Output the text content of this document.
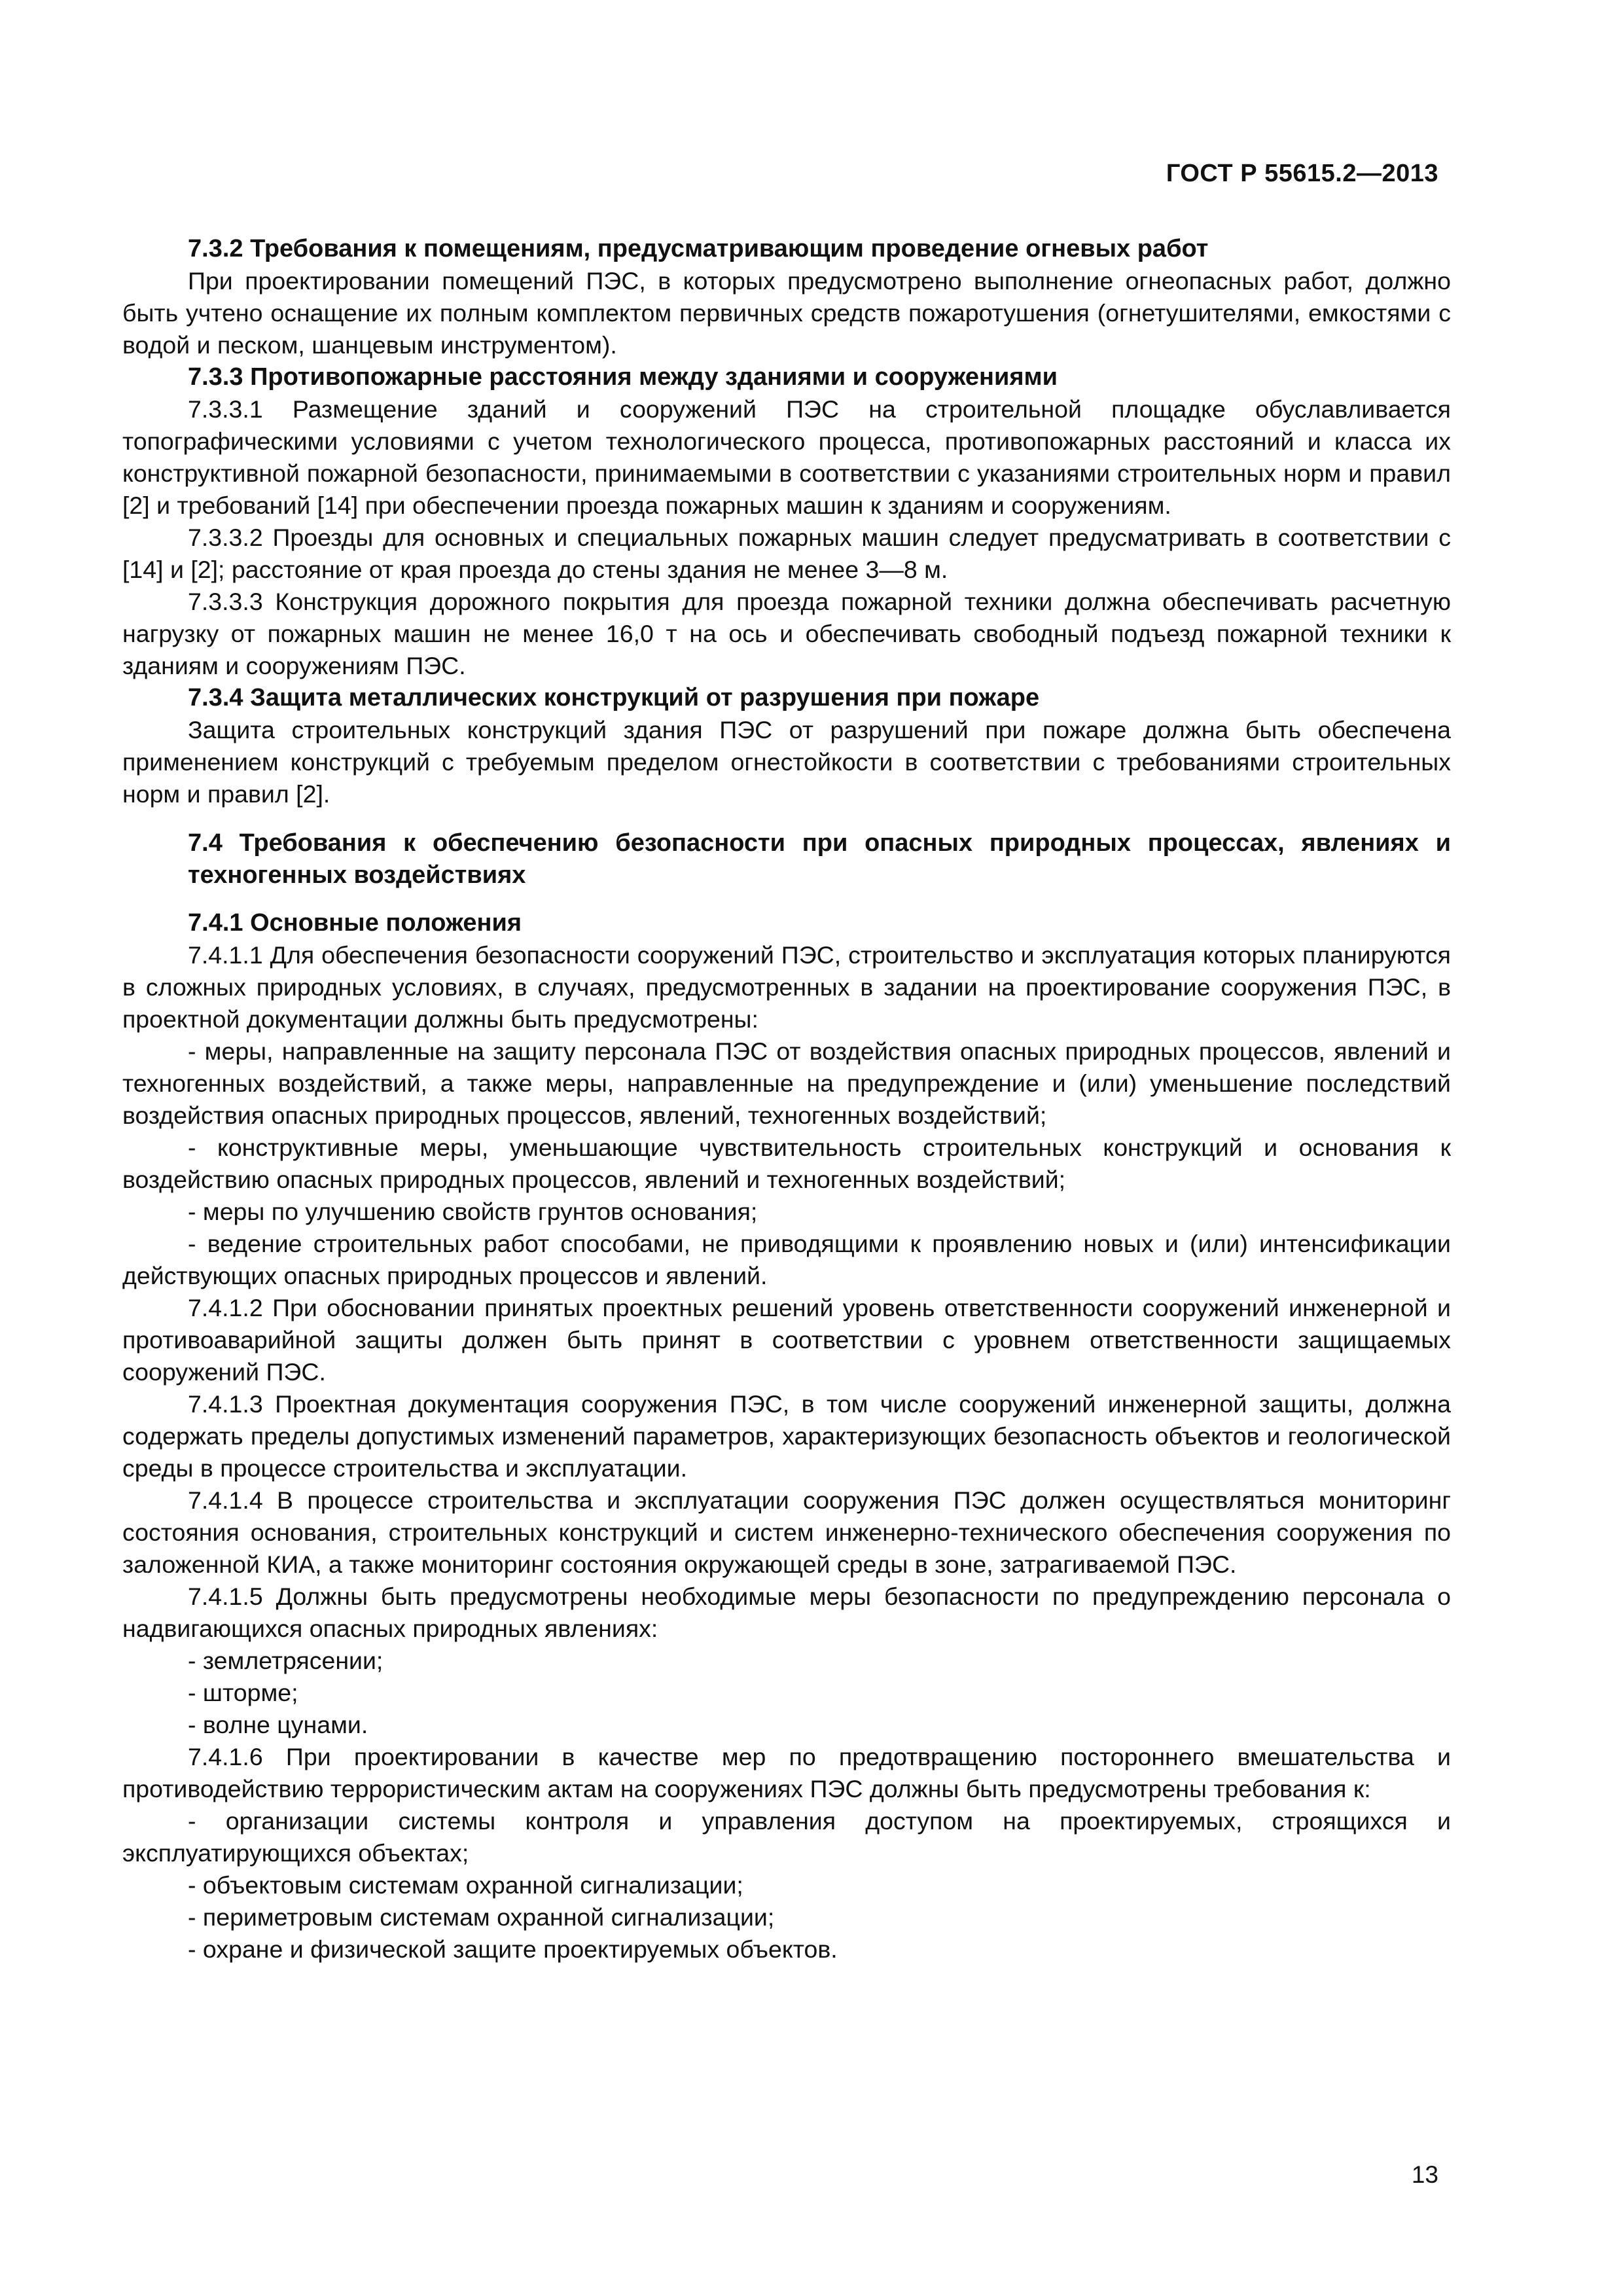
ГОСТ Р 55615.2—2013
7.3.2 Требования к помещениям, предусматривающим проведение огневых работ

При проектировании помещений ПЭС, в которых предусмотрено выполнение огнеопасных работ, должно быть учтено оснащение их полным комплектом первичных средств пожаротушения (огнетушителями, емкостями с водой и песком, шанцевым инструментом).

7.3.3 Противопожарные расстояния между зданиями и сооружениями

7.3.3.1 Размещение зданий и сооружений ПЭС на строительной площадке обуславливается топографическими условиями с учетом технологического процесса, противопожарных расстояний и класса их конструктивной пожарной безопасности, принимаемыми в соответствии с указаниями строительных норм и правил [2] и требований [14] при обеспечении проезда пожарных машин к зданиям и сооружениям.

7.3.3.2 Проезды для основных и специальных пожарных машин следует предусматривать в соответствии с [14] и [2]; расстояние от края проезда до стены здания не менее 3—8 м.

7.3.3.3 Конструкция дорожного покрытия для проезда пожарной техники должна обеспечивать расчетную нагрузку от пожарных машин не менее 16,0 т на ось и обеспечивать свободный подъезд пожарной техники к зданиям и сооружениям ПЭС.

7.3.4 Защита металлических конструкций от разрушения при пожаре

Защита строительных конструкций здания ПЭС от разрушений при пожаре должна быть обеспечена применением конструкций с требуемым пределом огнестойкости в соответствии с требованиями строительных норм и правил [2].

7.4 Требования к обеспечению безопасности при опасных природных процессах, явлениях и техногенных воздействиях
7.4.1 Основные положения

7.4.1.1 Для обеспечения безопасности сооружений ПЭС, строительство и эксплуатация которых планируются в сложных природных условиях, в случаях, предусмотренных в задании на проектирование сооружения ПЭС, в проектной документации должны быть предусмотрены:

- меры, направленные на защиту персонала ПЭС от воздействия опасных природных процессов, явлений и техногенных воздействий, а также меры, направленные на предупреждение и (или) уменьшение последствий воздействия опасных природных процессов, явлений, техногенных воздействий;

- конструктивные меры, уменьшающие чувствительность строительных конструкций и основания к воздействию опасных природных процессов, явлений и техногенных воздействий;

- меры по улучшению свойств грунтов основания;

- ведение строительных работ способами, не приводящими к проявлению новых и (или) интенсификации действующих опасных природных процессов и явлений.

7.4.1.2 При обосновании принятых проектных решений уровень ответственности сооружений инженерной и противоаварийной защиты должен быть принят в соответствии с уровнем ответственности защищаемых сооружений ПЭС.

7.4.1.3 Проектная документация сооружения ПЭС, в том числе сооружений инженерной защиты, должна содержать пределы допустимых изменений параметров, характеризующих безопасность объектов и геологической среды в процессе строительства и эксплуатации.

7.4.1.4 В процессе строительства и эксплуатации сооружения ПЭС должен осуществляться мониторинг состояния основания, строительных конструкций и систем инженерно-технического обеспечения сооружения по заложенной КИА, а также мониторинг состояния окружающей среды в зоне, затрагиваемой ПЭС.

7.4.1.5 Должны быть предусмотрены необходимые меры безопасности по предупреждению персонала о надвигающихся опасных природных явлениях:

- землетрясении;

- шторме;

- волне цунами.

7.4.1.6 При проектировании в качестве мер по предотвращению постороннего вмешательства и противодействию террористическим актам на сооружениях ПЭС должны быть предусмотрены требования к:

- организации системы контроля и управления доступом на проектируемых, строящихся и эксплуатирующихся объектах;

- объектовым системам охранной сигнализации;

- периметровым системам охранной сигнализации;

- охране и физической защите проектируемых объектов.

13
